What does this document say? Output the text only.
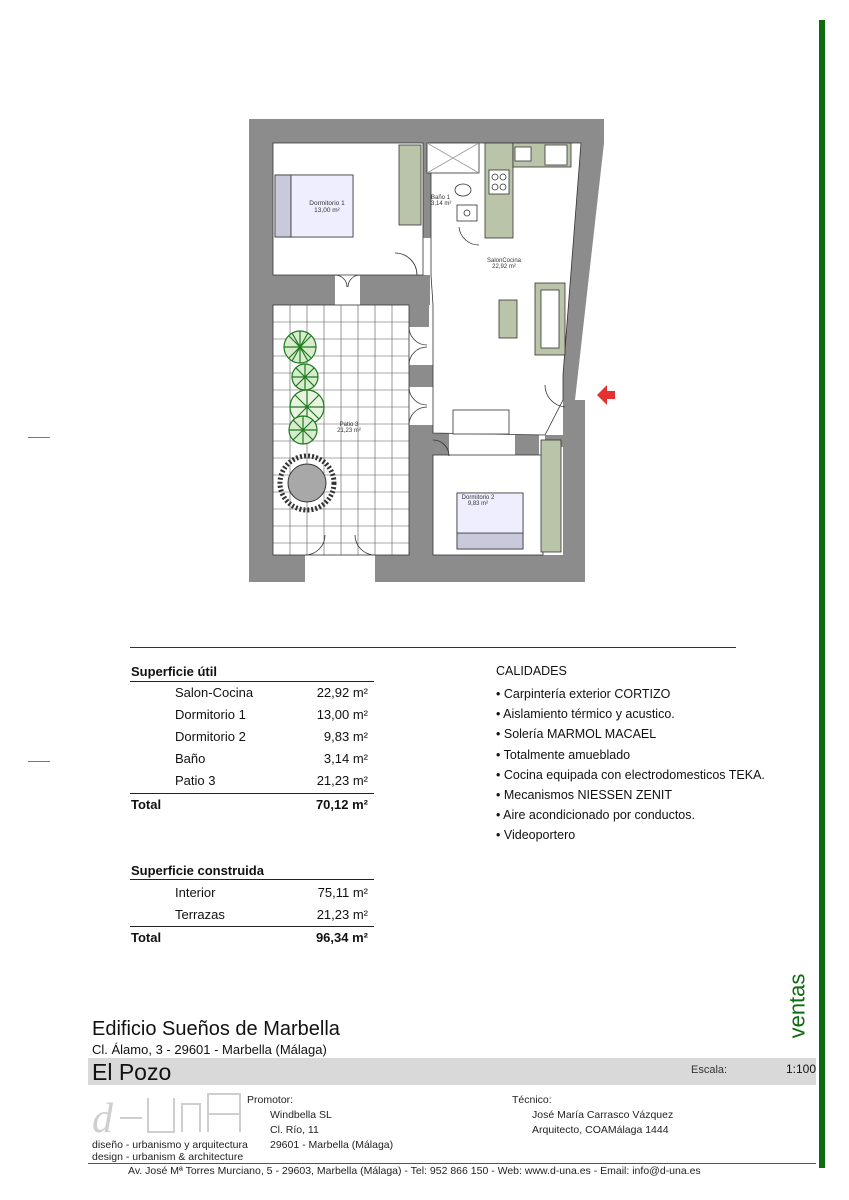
ventas
Dormitorio 1
13,00 m²
Baño 1
3,14 m²
SalonCocina
22,92 m²
Patio 3
21,23 m²
Dormitorio 2
9,83 m²
Superficie útil
Salon-Cocina	22,92 m²
Dormitorio 1	13,00 m²
Dormitorio 2	9,83 m²
Baño	3,14 m²
Patio 3	21,23 m²
Total	70,12 m²
Superficie construida
Interior	75,11 m²
Terrazas	21,23 m²
Total	96,34 m²
CALIDADES
• Carpintería exterior CORTIZO
• Aislamiento térmico y acustico.
• Solería MARMOL MACAEL
• Totalmente amueblado
• Cocina equipada con electrodomesticos TEKA.
• Mecanismos NIESSEN ZENIT
• Aire acondicionado por conductos.
• Videoportero
Edificio Sueños de Marbella
Cl. Álamo, 3 - 29601 - Marbella (Málaga)
El Pozo	Escala:	1:100
d
diseño - urbanismo y arquitectura
design - urbanism & architecture
Promotor:
Windbella SL
Cl. Río, 11
29601 - Marbella (Málaga)
Técnico:
José María Carrasco Vázquez
Arquitecto, COAMálaga 1444
Av. José Mª Torres Murciano, 5 - 29603, Marbella (Málaga) - Tel: 952 866 150 - Web: www.d-una.es - Email: info@d-una.es
